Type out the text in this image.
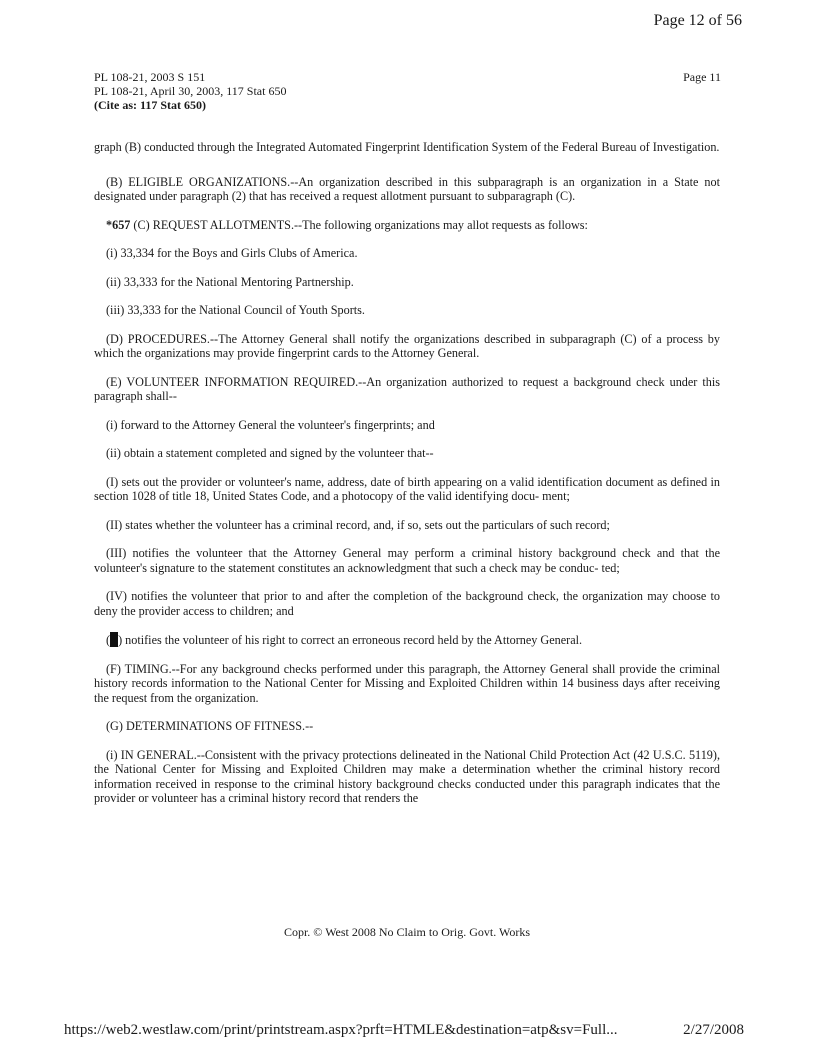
Page 12 of 56
PL 108-21, 2003 S 151
PL 108-21, April 30, 2003, 117 Stat 650
(Cite as: 117 Stat 650)
Page 11

graph (B) conducted through the Integrated Automated Fingerprint Identification System of the Federal Bureau of Investigation.

(B) ELIGIBLE ORGANIZATIONS.--An organization described in this subparagraph is an organization in a State not designated under paragraph (2) that has received a request allotment pursuant to subparagraph (C).

*657 (C) REQUEST ALLOTMENTS.--The following organizations may allot requests as follows:

(i) 33,334 for the Boys and Girls Clubs of America.

(ii) 33,333 for the National Mentoring Partnership.

(iii) 33,333 for the National Council of Youth Sports.

(D) PROCEDURES.--The Attorney General shall notify the organizations described in subparagraph (C) of a process by which the organizations may provide fingerprint cards to the Attorney General.

(E) VOLUNTEER INFORMATION REQUIRED.--An organization authorized to request a background check under this paragraph shall--

(i) forward to the Attorney General the volunteer's fingerprints; and

(ii) obtain a statement completed and signed by the volunteer that--

(I) sets out the provider or volunteer's name, address, date of birth appearing on a valid identification document as defined in section 1028 of title 18, United States Code, and a photocopy of the valid identifying docu- ment;

(II) states whether the volunteer has a criminal record, and, if so, sets out the particulars of such record;

(III) notifies the volunteer that the Attorney General may perform a criminal history background check and that the volunteer's signature to the statement constitutes an acknowledgment that such a check may be conduc- ted;

(IV) notifies the volunteer that prior to and after the completion of the background check, the organization may choose to deny the provider access to children; and

( ) notifies the volunteer of his right to correct an erroneous record held by the Attorney General.

(F) TIMING.--For any background checks performed under this paragraph, the Attorney General shall provide the criminal history records information to the National Center for Missing and Exploited Children within 14 business days after receiving the request from the organization.

(G) DETERMINATIONS OF FITNESS.--

(i) IN GENERAL.--Consistent with the privacy protections delineated in the National Child Protection Act (42 U.S.C. 5119), the National Center for Missing and Exploited Children may make a determination whether the criminal history record information received in response to the criminal history background checks conducted under this paragraph indicates that the provider or volunteer has a criminal history record that renders the

Copr. © West 2008 No Claim to Orig. Govt. Works
https://web2.westlaw.com/print/printstream.aspx?prft=HTMLE&destination=atp&sv=Full...	2/27/2008
